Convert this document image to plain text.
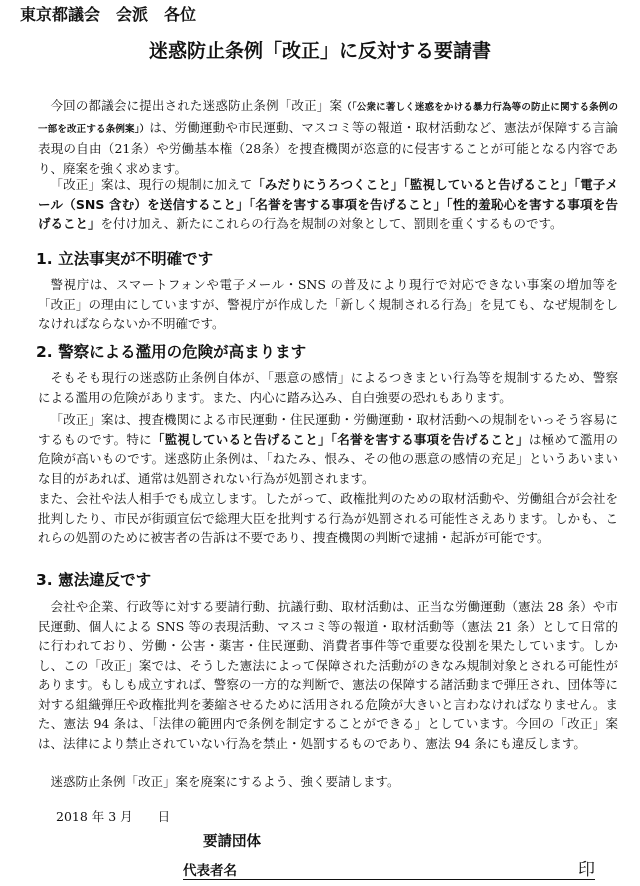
東京都議会　会派　各位
迷惑防止条例「改正」に反対する要請書

今回の都議会に提出された迷惑防止条例「改正」案（「公衆に著しく迷惑をかける暴力行為等の防止に関する条例の一部を改正する条例案」）は、労働運動や市民運動、マスコミ等の報道・取材活動など、憲法が保障する言論表現の自由（21条）や労働基本権（28条）を捜査機関が恣意的に侵害することが可能となる内容であり、廃案を強く求めます。

「改正」案は、現行の規制に加えて「みだりにうろつくこと」「監視していると告げること」「電子メール（SNS 含む）を送信すること」「名誉を害する事項を告げること」「性的羞恥心を害する事項を告げること」を付け加え、新たにこれらの行為を規制の対象として、罰則を重くするものです。

1. 立法事実が不明確です

警視庁は、スマートフォンや電子メール・SNS の普及により現行で対応できない事案の増加等を「改正」の理由にしていますが、警視庁が作成した「新しく規制される行為」を見ても、なぜ規制をしなければならないか不明確です。

2. 警察による濫用の危険が高まります

そもそも現行の迷惑防止条例自体が、「悪意の感情」によるつきまとい行為等を規制するため、警察による濫用の危険があります。また、内心に踏み込み、自白強要の恐れもあります。

「改正」案は、捜査機関による市民運動・住民運動・労働運動・取材活動への規制をいっそう容易にするものです。特に「監視していると告げること」「名誉を害する事項を告げること」は極めて濫用の危険が高いものです。迷惑防止条例は、「ねたみ、恨み、その他の悪意の感情の充足」というあいまいな目的があれば、通常は処罰されない行為が処罰されます。

また、会社や法人相手でも成立します。したがって、政権批判のための取材活動や、労働組合が会社を批判したり、市民が街頭宣伝で総理大臣を批判する行為が処罰される可能性さえあります。しかも、これらの処罰のために被害者の告訴は不要であり、捜査機関の判断で逮捕・起訴が可能です。

3. 憲法違反です

会社や企業、行政等に対する要請行動、抗議行動、取材活動は、正当な労働運動（憲法 28 条）や市民運動、個人による SNS 等の表現活動、マスコミ等の報道・取材活動等（憲法 21 条）として日常的に行われており、労働・公害・薬害・住民運動、消費者事件等で重要な役割を果たしています。しかし、この「改正」案では、そうした憲法によって保障された活動がのきなみ規制対象とされる可能性があります。もしも成立すれば、警察の一方的な判断で、憲法の保障する諸活動まで弾圧され、団体等に対する組織弾圧や政権批判を萎縮させるために活用される危険が大きいと言わなければなりません。また、憲法 94 条は、「法律の範囲内で条例を制定することができる」としています。今回の「改正」案は、法律により禁止されていない行為を禁止・処罰するものであり、憲法 94 条にも違反します。

迷惑防止条例「改正」案を廃案にするよう、強く要請します。

2018 年 3 月　　日
要請団体
代表者名	印
